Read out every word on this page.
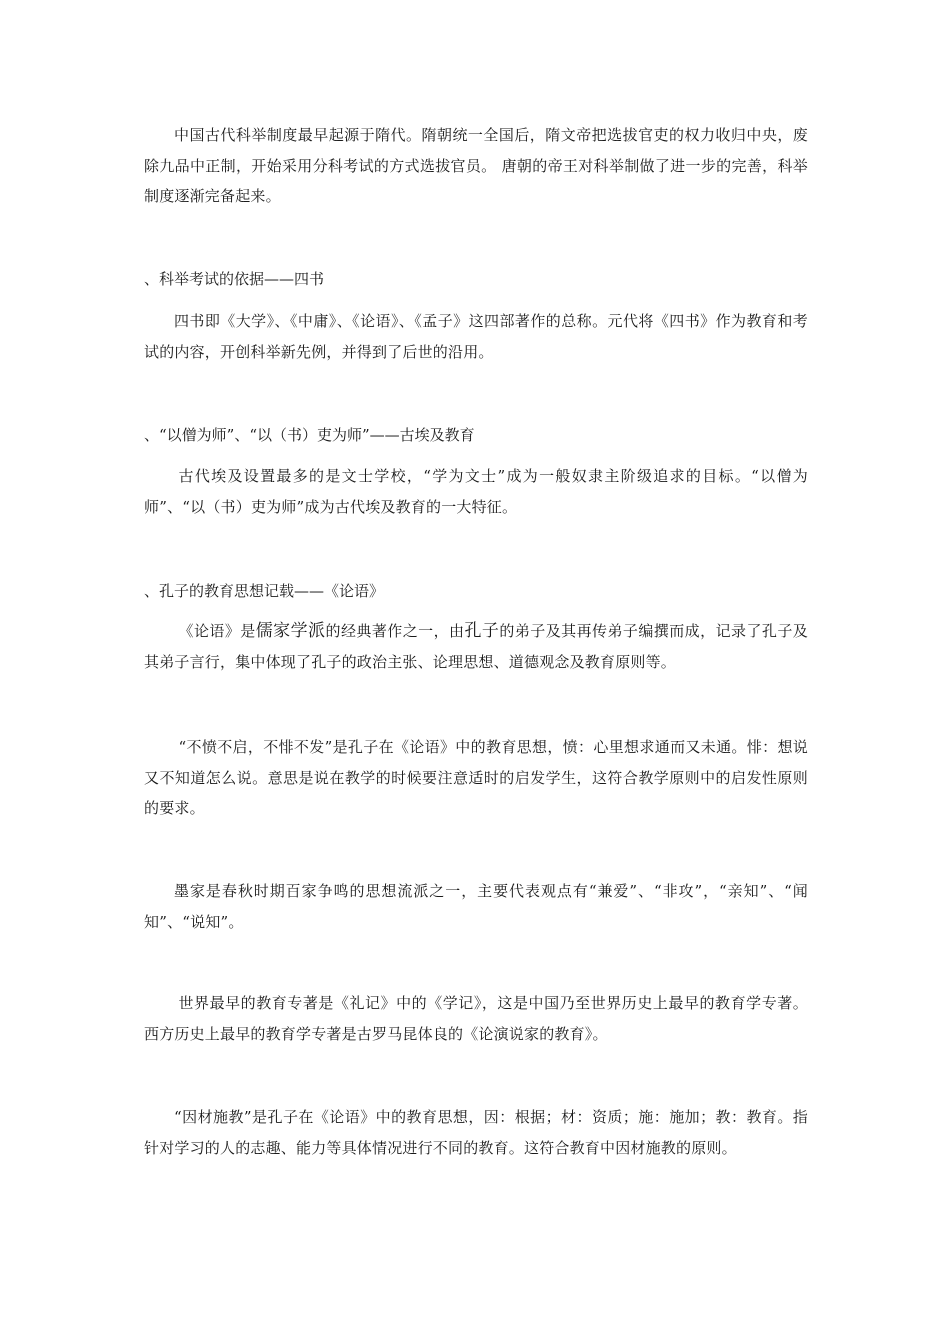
中国古代科举制度最早起源于隋代。隋朝统一全国后，隋文帝把选拔官吏的权力收归中央，废除九品中正制，开始采用分科考试的方式选拔官员。 唐朝的帝王对科举制做了进一步的完善，科举制度逐渐完备起来。

、科举考试的依据——四书

四书即《大学》、《中庸》、《论语》、《孟子》这四部著作的总称。元代将《四书》作为教育和考试的内容，开创科举新先例，并得到了后世的沿用。

、“以僧为师”、“以（书）吏为师”——古埃及教育

古代埃及设置最多的是文士学校，“学为文士”成为一般奴隶主阶级追求的目标。“以僧为师”、“以（书）吏为师”成为古代埃及教育的一大特征。

、孔子的教育思想记载——《论语》

《论语》是儒家学派的经典著作之一，由孔子的弟子及其再传弟子编撰而成，记录了孔子及其弟子言行，集中体现了孔子的政治主张、论理思想、道德观念及教育原则等。

“不愤不启，不悱不发”是孔子在《论语》中的教育思想，愤：心里想求通而又未通。悱：想说又不知道怎么说。意思是说在教学的时候要注意适时的启发学生，这符合教学原则中的启发性原则的要求。

墨家是春秋时期百家争鸣的思想流派之一，主要代表观点有“兼爱”、“非攻”，“亲知”、“闻知”、“说知”。

世界最早的教育专著是《礼记》中的《学记》，这是中国乃至世界历史上最早的教育学专著。西方历史上最早的教育学专著是古罗马昆体良的《论演说家的教育》。

“因材施教”是孔子在《论语》中的教育思想，因：根据；材：资质；施：施加；教：教育。指针对学习的人的志趣、能力等具体情况进行不同的教育。这符合教育中因材施教的原则。
